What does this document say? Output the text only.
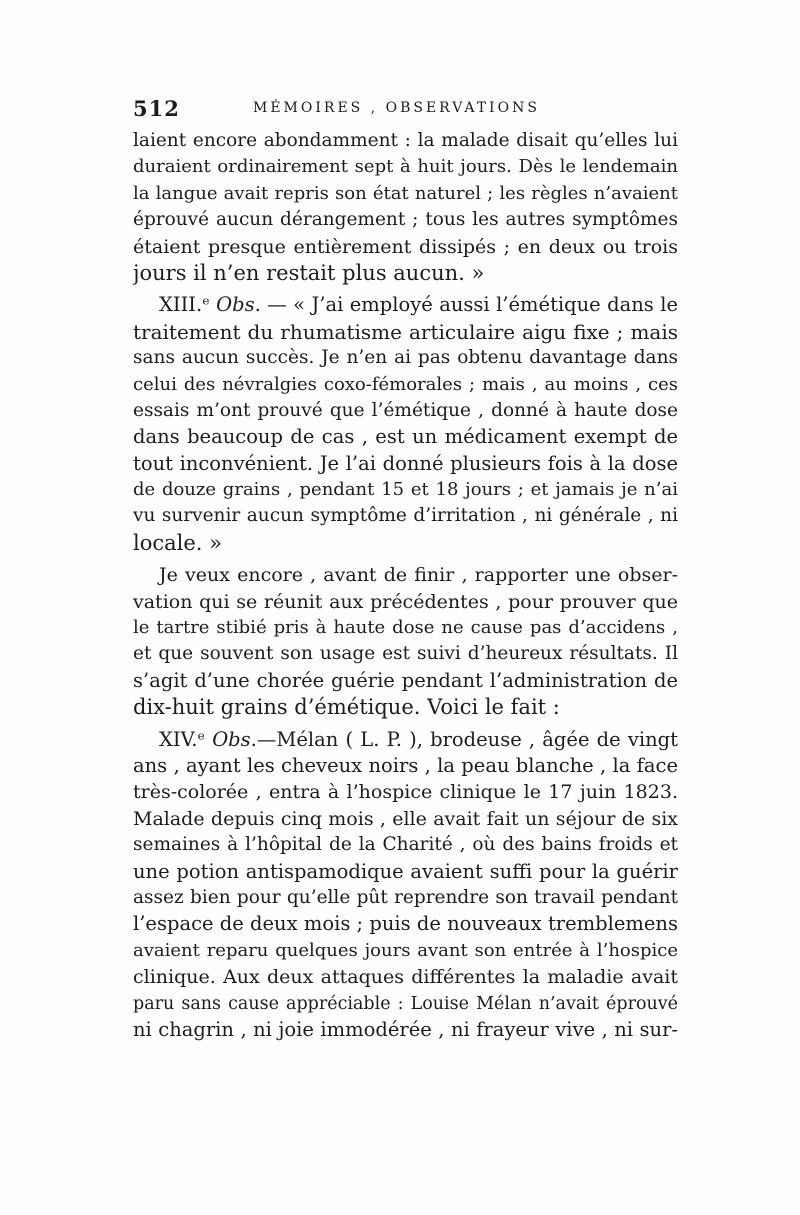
512	MÉMOIRES , OBSERVATIONS
laient encore abondamment : la malade disait qu’elles lui
duraient ordinairement sept à huit jours. Dès le lendemain
la langue avait repris son état naturel ; les règles n’avaient
éprouvé aucun dérangement ; tous les autres symptômes
étaient presque entièrement dissipés ; en deux ou trois
jours il n’en restait plus aucun. »
XIII.ᵉ Obs. — « J’ai employé aussi l’émétique dans le
traitement du rhumatisme articulaire aigu fixe ; mais
sans aucun succès. Je n’en ai pas obtenu davantage dans
celui des névralgies coxo-fémorales ; mais , au moins , ces
essais m’ont prouvé que l’émétique , donné à haute dose
dans beaucoup de cas , est un médicament exempt de
tout inconvénient. Je l’ai donné plusieurs fois à la dose
de douze grains , pendant 15 et 18 jours ; et jamais je n’ai
vu survenir aucun symptôme d’irritation , ni générale , ni
locale. »
Je veux encore , avant de finir , rapporter une obser-
vation qui se réunit aux précédentes , pour prouver que
le tartre stibié pris à haute dose ne cause pas d’accidens ,
et que souvent son usage est suivi d’heureux résultats. Il
s’agit d’une chorée guérie pendant l’administration de
dix-huit grains d’émétique. Voici le fait :
XIV.ᵉ Obs.—Mélan ( L. P. ), brodeuse , âgée de vingt
ans , ayant les cheveux noirs , la peau blanche , la face
très-colorée , entra à l’hospice clinique le 17 juin 1823.
Malade depuis cinq mois , elle avait fait un séjour de six
semaines à l’hôpital de la Charité , où des bains froids et
une potion antispamodique avaient suffi pour la guérir
assez bien pour qu’elle pût reprendre son travail pendant
l’espace de deux mois ; puis de nouveaux tremblemens
avaient reparu quelques jours avant son entrée à l’hospice
clinique. Aux deux attaques différentes la maladie avait
paru sans cause appréciable : Louise Mélan n’avait éprouvé
ni chagrin , ni joie immodérée , ni frayeur vive , ni sur-
